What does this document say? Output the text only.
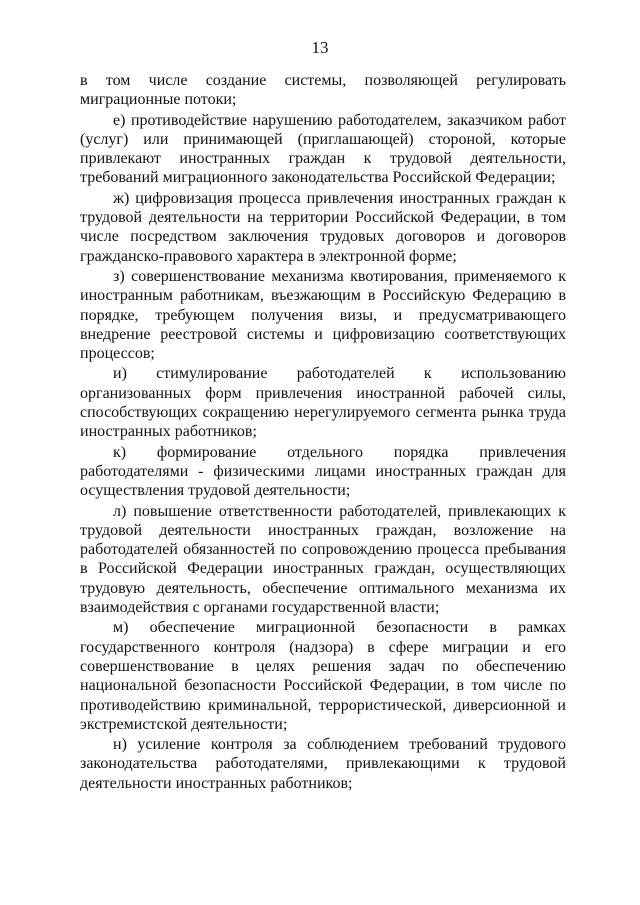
13

в том числе создание системы, позволяющей регулировать миграционные потоки;

е) противодействие нарушению работодателем, заказчиком работ (услуг) или принимающей (приглашающей) стороной, которые привлекают иностранных граждан к трудовой деятельности, требований миграционного законодательства Российской Федерации;

ж) цифровизация процесса привлечения иностранных граждан к трудовой деятельности на территории Российской Федерации, в том числе посредством заключения трудовых договоров и договоров гражданско-правового характера в электронной форме;

з) совершенствование механизма квотирования, применяемого к иностранным работникам, въезжающим в Российскую Федерацию в порядке, требующем получения визы, и предусматривающего внедрение реестровой системы и цифровизацию соответствующих процессов;

и) стимулирование работодателей к использованию организованных форм привлечения иностранной рабочей силы, способствующих сокращению нерегулируемого сегмента рынка труда иностранных работников;

к) формирование отдельного порядка привлечения работодателями - физическими лицами иностранных граждан для осуществления трудовой деятельности;

л) повышение ответственности работодателей, привлекающих к трудовой деятельности иностранных граждан, возложение на работодателей обязанностей по сопровождению процесса пребывания в Российской Федерации иностранных граждан, осуществляющих трудовую деятельность, обеспечение оптимального механизма их взаимодействия с органами государственной власти;

м) обеспечение миграционной безопасности в рамках государственного контроля (надзора) в сфере миграции и его совершенствование в целях решения задач по обеспечению национальной безопасности Российской Федерации, в том числе по противодействию криминальной, террористической, диверсионной и экстремистской деятельности;

н) усиление контроля за соблюдением требований трудового законодательства работодателями, привлекающими к трудовой деятельности иностранных работников;
